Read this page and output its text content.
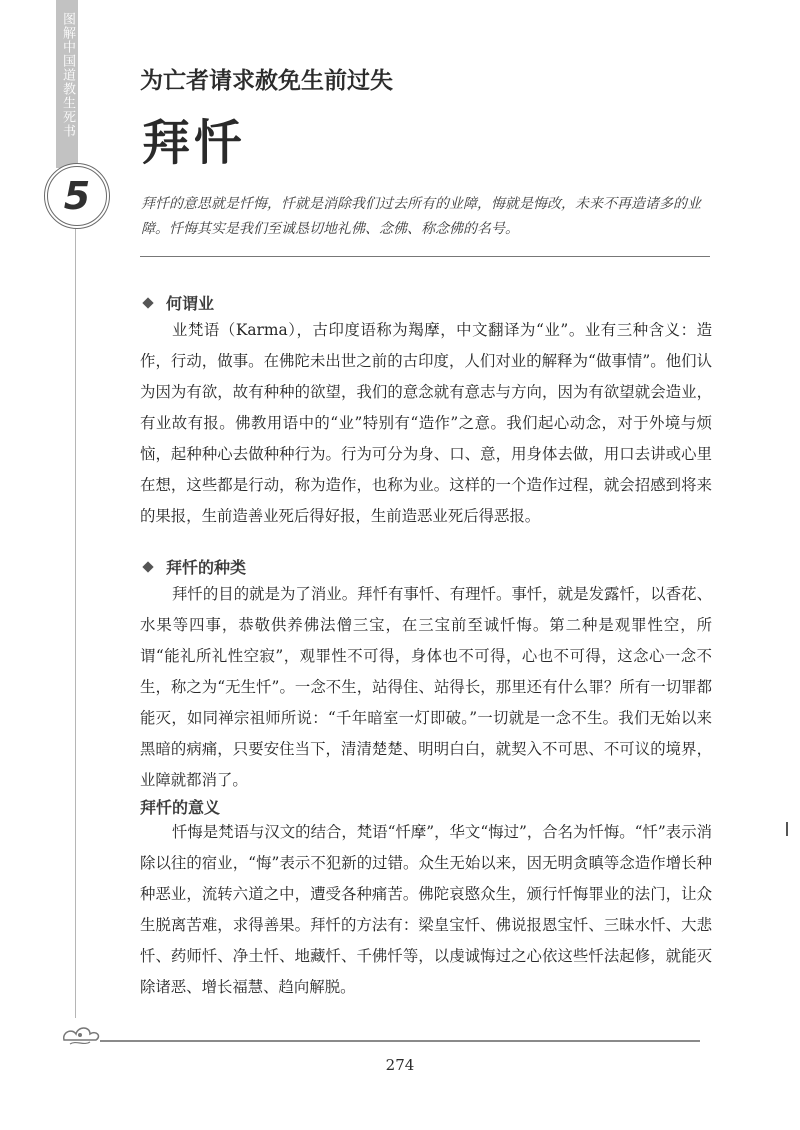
图解中国道教生死书
5
为亡者请求赦免生前过失
拜忏
拜忏的意思就是忏悔，忏就是消除我们过去所有的业障，悔就是悔改，未来不再造诸多的业障。忏悔其实是我们至诚恳切地礼佛、念佛、称念佛的名号。
何谓业
业梵语（Karma），古印度语称为羯摩，中文翻译为“业”。业有三种含义：造作，行动，做事。在佛陀未出世之前的古印度，人们对业的解释为“做事情”。他们认为因为有欲，故有种种的欲望，我们的意念就有意志与方向，因为有欲望就会造业，有业故有报。佛教用语中的“业”特别有“造作”之意。我们起心动念，对于外境与烦恼，起种种心去做种种行为。行为可分为身、口、意，用身体去做，用口去讲或心里在想，这些都是行动，称为造作，也称为业。这样的一个造作过程，就会招感到将来的果报，生前造善业死后得好报，生前造恶业死后得恶报。
拜忏的种类
拜忏的目的就是为了消业。拜忏有事忏、有理忏。事忏，就是发露忏，以香花、水果等四事，恭敬供养佛法僧三宝，在三宝前至诚忏悔。第二种是观罪性空，所谓“能礼所礼性空寂”，观罪性不可得，身体也不可得，心也不可得，这念心一念不生，称之为“无生忏”。一念不生，站得住、站得长，那里还有什么罪？所有一切罪都能灭，如同禅宗祖师所说：“千年暗室一灯即破。”一切就是一念不生。我们无始以来黑暗的病痛，只要安住当下，清清楚楚、明明白白，就契入不可思、不可议的境界，业障就都消了。
拜忏的意义
忏悔是梵语与汉文的结合，梵语“忏摩”，华文“悔过”，合名为忏悔。“忏”表示消除以往的宿业，“悔”表示不犯新的过错。众生无始以来，因无明贪瞋等念造作增长种种恶业，流转六道之中，遭受各种痛苦。佛陀哀愍众生，颁行忏悔罪业的法门，让众生脱离苦难，求得善果。拜忏的方法有：梁皇宝忏、佛说报恩宝忏、三昧水忏、大悲忏、药师忏、净土忏、地藏忏、千佛忏等，以虔诚悔过之心依这些忏法起修，就能灭除诸恶、增长福慧、趋向解脱。
274
